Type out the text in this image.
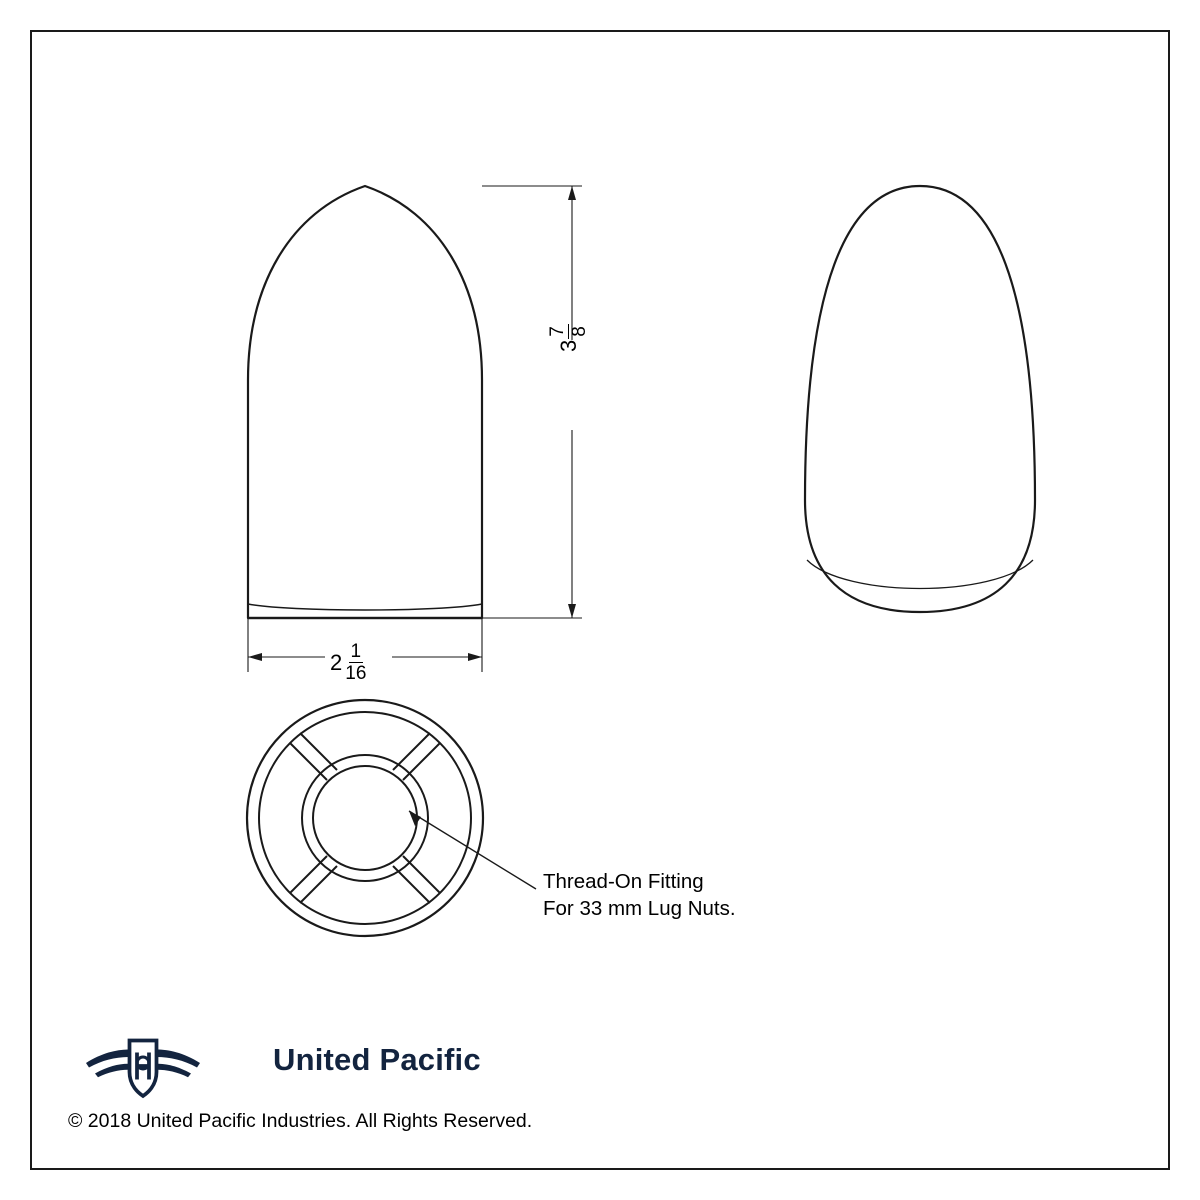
3
7 8
$2 \frac{1}{16}$
Thread-On Fitting
For 33 mm Lug Nuts.
United Pacific
© 2018 United Pacific Industries. All Rights Reserved.
